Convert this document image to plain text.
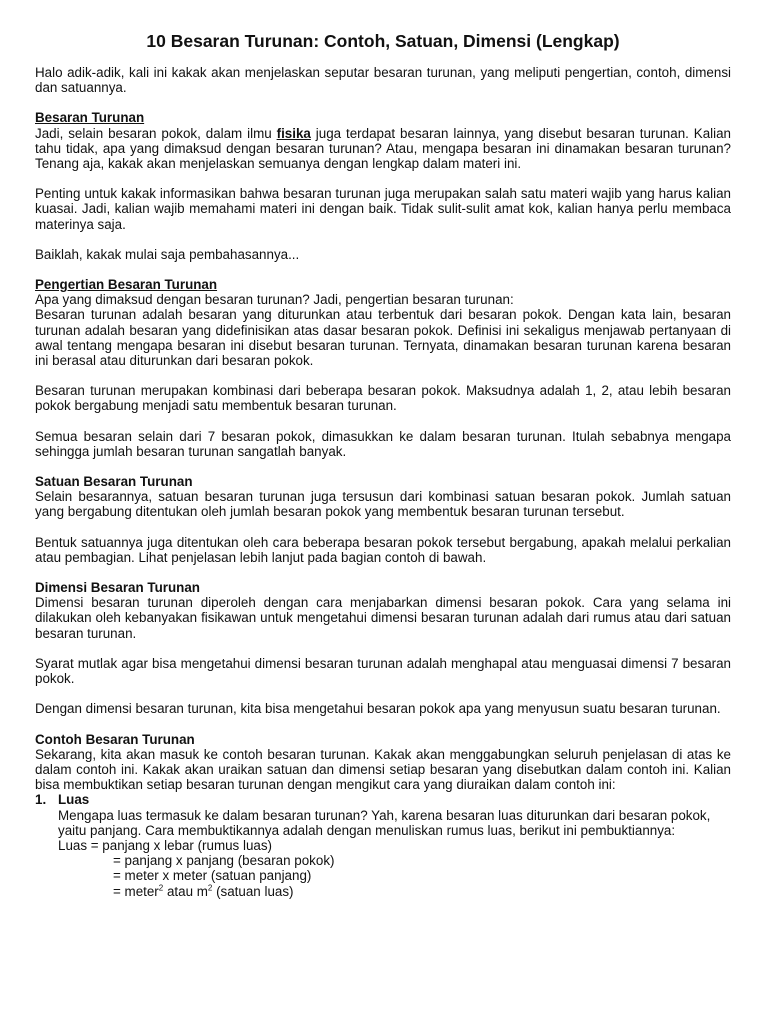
10 Besaran Turunan: Contoh, Satuan, Dimensi (Lengkap)

Halo adik-adik, kali ini kakak akan menjelaskan seputar besaran turunan, yang meliputi pengertian, contoh, dimensi dan satuannya.

Besaran Turunan

Jadi, selain besaran pokok, dalam ilmu fisika juga terdapat besaran lainnya, yang disebut besaran turunan. Kalian tahu tidak, apa yang dimaksud dengan besaran turunan? Atau, mengapa besaran ini dinamakan besaran turunan? Tenang aja, kakak akan menjelaskan semuanya dengan lengkap dalam materi ini.

Penting untuk kakak informasikan bahwa besaran turunan juga merupakan salah satu materi wajib yang harus kalian kuasai. Jadi, kalian wajib memahami materi ini dengan baik. Tidak sulit-sulit amat kok, kalian hanya perlu membaca materinya saja.

Baiklah, kakak mulai saja pembahasannya...

Pengertian Besaran Turunan

Apa yang dimaksud dengan besaran turunan? Jadi, pengertian besaran turunan:

Besaran turunan adalah besaran yang diturunkan atau terbentuk dari besaran pokok. Dengan kata lain, besaran turunan adalah besaran yang didefinisikan atas dasar besaran pokok. Definisi ini sekaligus menjawab pertanyaan di awal tentang mengapa besaran ini disebut besaran turunan. Ternyata, dinamakan besaran turunan karena besaran ini berasal atau diturunkan dari besaran pokok.

Besaran turunan merupakan kombinasi dari beberapa besaran pokok. Maksudnya adalah 1, 2, atau lebih besaran pokok bergabung menjadi satu membentuk besaran turunan.

Semua besaran selain dari 7 besaran pokok, dimasukkan ke dalam besaran turunan. Itulah sebabnya mengapa sehingga jumlah besaran turunan sangatlah banyak.

Satuan Besaran Turunan

Selain besarannya, satuan besaran turunan juga tersusun dari kombinasi satuan besaran pokok. Jumlah satuan yang bergabung ditentukan oleh jumlah besaran pokok yang membentuk besaran turunan tersebut.

Bentuk satuannya juga ditentukan oleh cara beberapa besaran pokok tersebut bergabung, apakah melalui perkalian atau pembagian. Lihat penjelasan lebih lanjut pada bagian contoh di bawah.

Dimensi Besaran Turunan

Dimensi besaran turunan diperoleh dengan cara menjabarkan dimensi besaran pokok. Cara yang selama ini dilakukan oleh kebanyakan fisikawan untuk mengetahui dimensi besaran turunan adalah dari rumus atau dari satuan besaran turunan.

Syarat mutlak agar bisa mengetahui dimensi besaran turunan adalah menghapal atau menguasai dimensi 7 besaran pokok.

Dengan dimensi besaran turunan, kita bisa mengetahui besaran pokok apa yang menyusun suatu besaran turunan.

Contoh Besaran Turunan

Sekarang, kita akan masuk ke contoh besaran turunan. Kakak akan menggabungkan seluruh penjelasan di atas ke dalam contoh ini. Kakak akan uraikan satuan dan dimensi setiap besaran yang disebutkan dalam contoh ini. Kalian bisa membuktikan setiap besaran turunan dengan mengikut cara yang diuraikan dalam contoh ini:

1. Luas

Mengapa luas termasuk ke dalam besaran turunan? Yah, karena besaran luas diturunkan dari besaran pokok, yaitu panjang. Cara membuktikannya adalah dengan menuliskan rumus luas, berikut ini pembuktiannya:

Luas = panjang x lebar (rumus luas)
= panjang x panjang (besaran pokok)
= meter x meter (satuan panjang)
= meter$^2$ atau $m^2$ (satuan luas)
